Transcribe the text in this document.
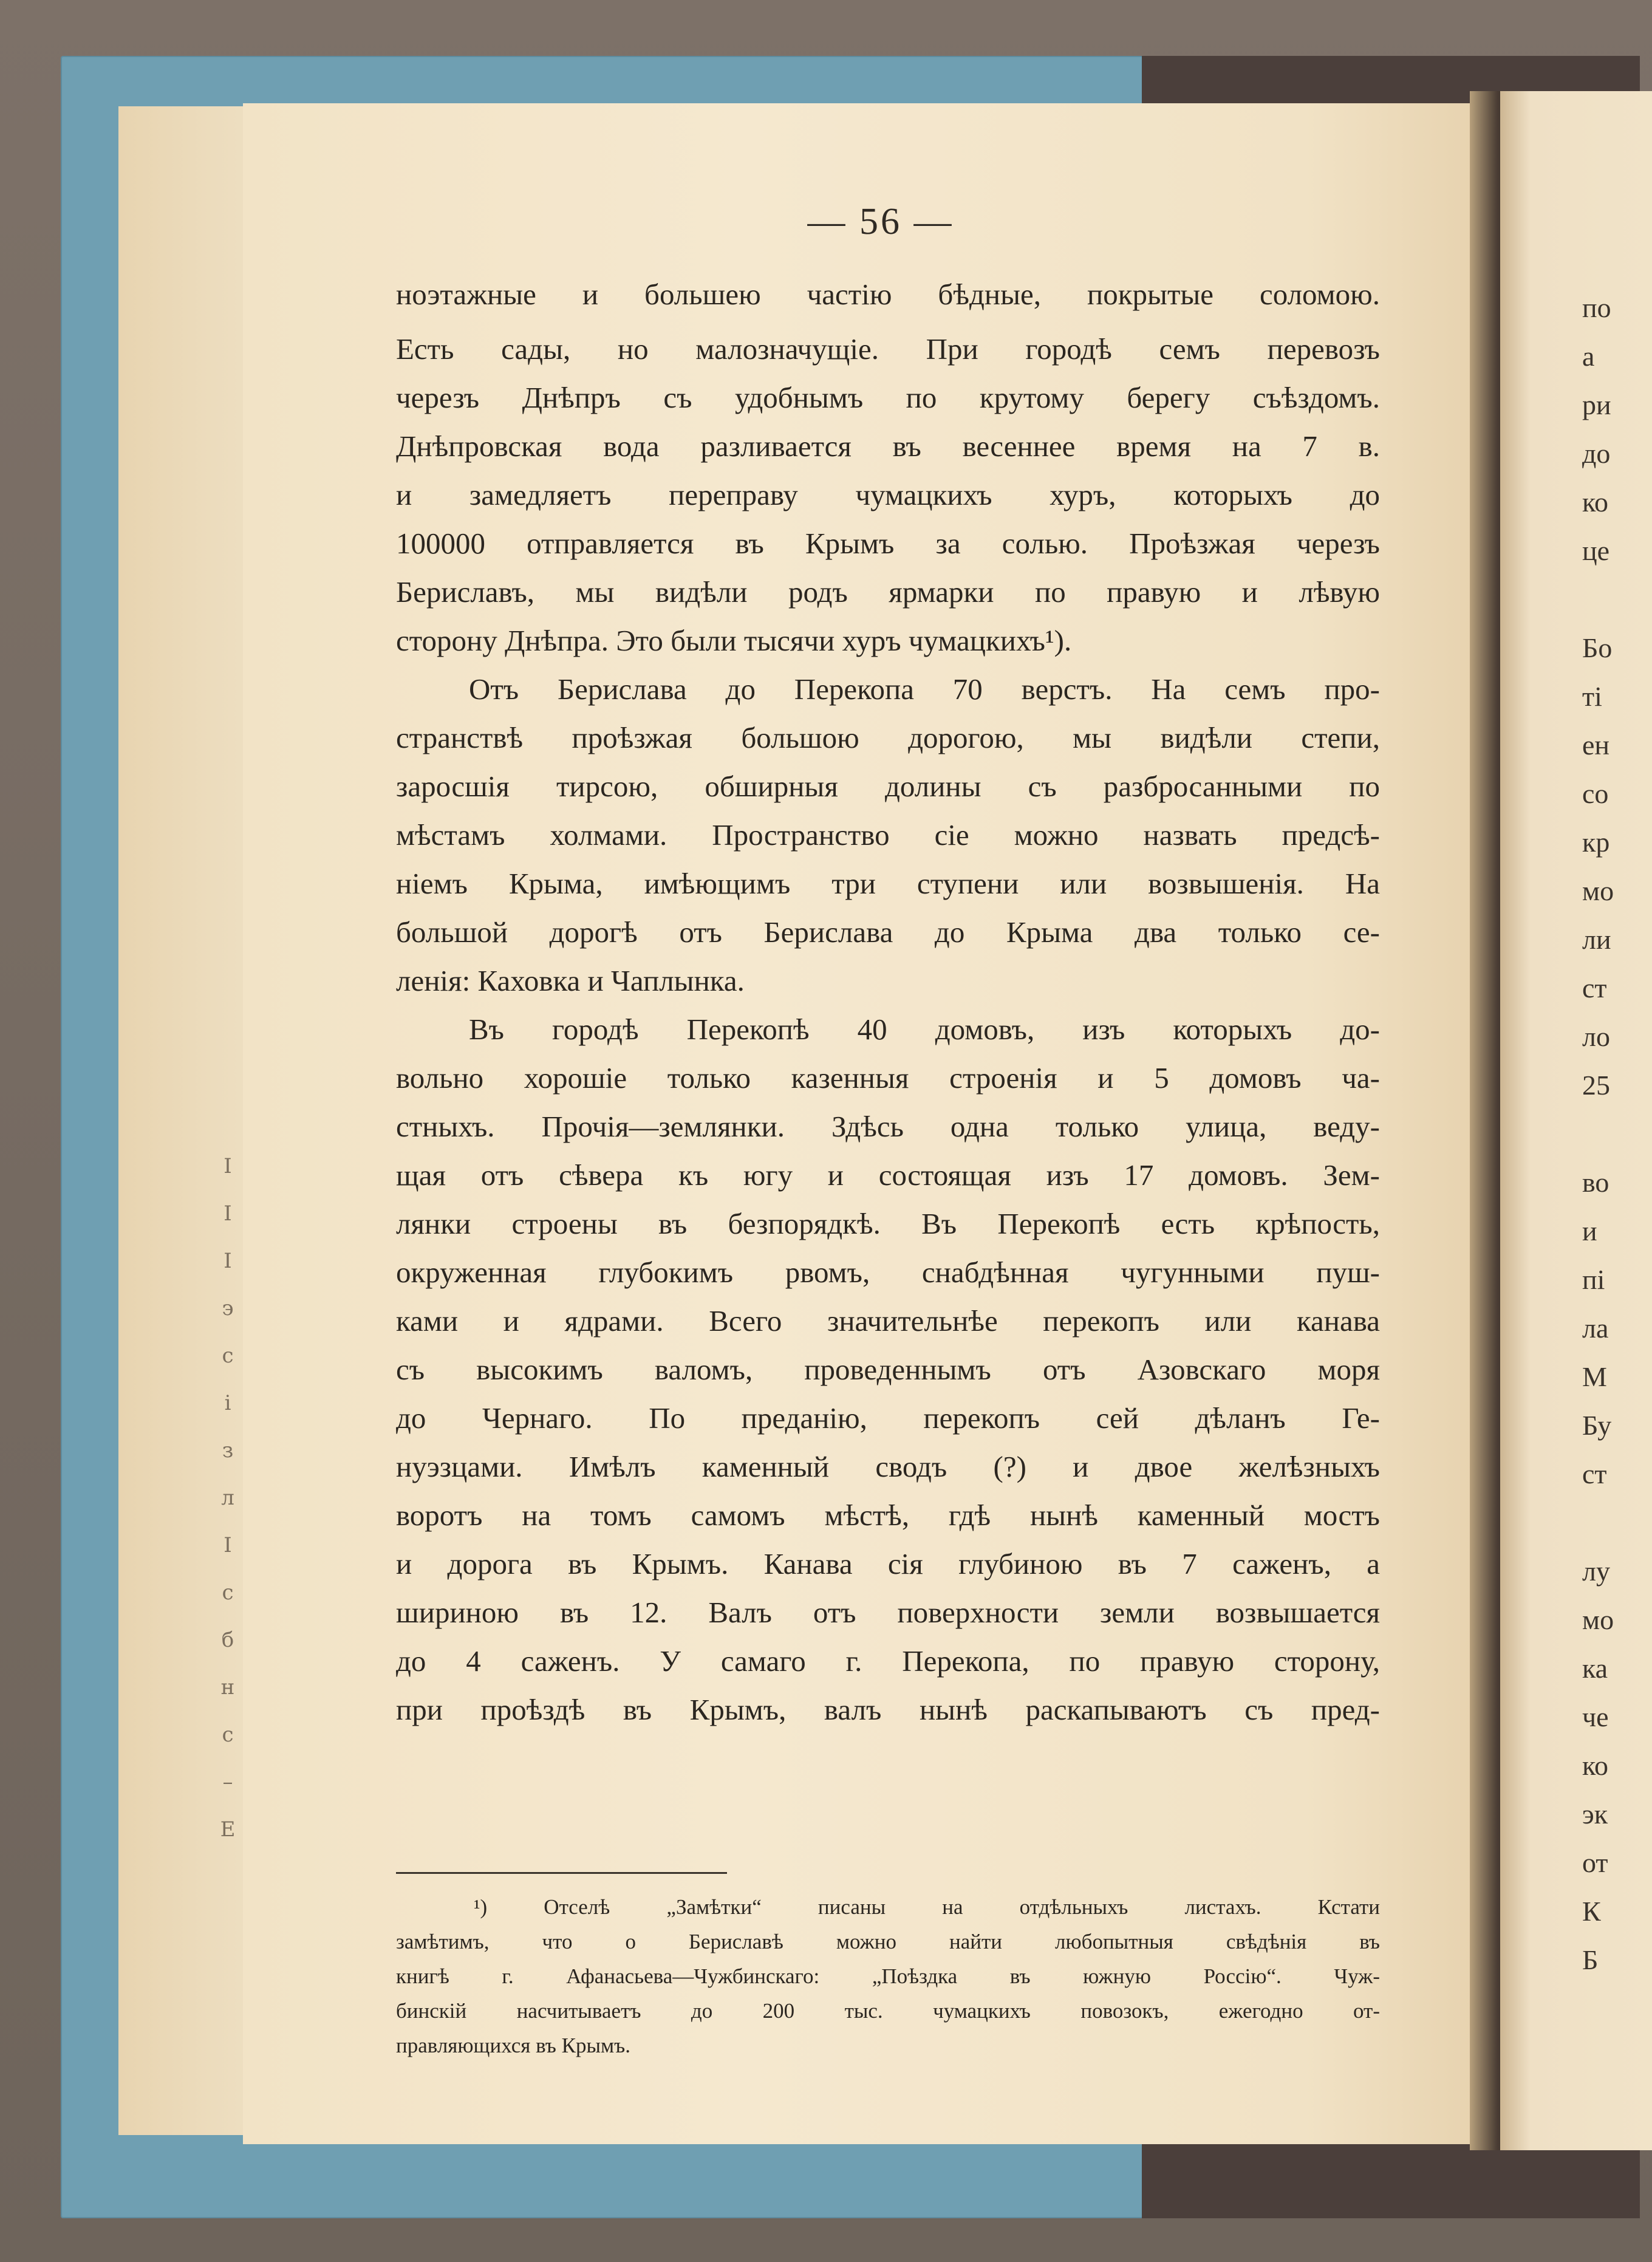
I
I
I
э
с
і
з
л
І
с
б
н
с
–
Е
по
а
ри
до
ко
це
Бо
ті
ен
со
кр
мо
ли
ст
ло
25
во
и
пі
ла
М
Бу
ст
лу
мо
ка
че
ко
эк
от
К
Б
— 56 —
ноэтажные и большею частію бѣдные, покрытые соломою.
Есть сады, но малозначущіе. При городѣ семъ перевозъ
черезъ Днѣпръ съ удобнымъ по крутому берегу съѣздомъ.
Днѣпровская вода разливается въ весеннее время на 7 в.
и замедляетъ переправу чумацкихъ хуръ, которыхъ до
100000 отправляется въ Крымъ за солью. Проѣзжая черезъ
Бериславъ, мы видѣли родъ ярмарки по правую и лѣвую
сторону Днѣпра. Это были тысячи хуръ чумацкихъ¹).
Отъ Берислава до Перекопа 70 верстъ. На семъ про-
странствѣ проѣзжая большою дорогою, мы видѣли степи,
заросшія тирсою, обширныя долины съ разбросанными по
мѣстамъ холмами. Пространство сіе можно назвать предсѣ-
ніемъ Крыма, имѣющимъ три ступени или возвышенія. На
большой дорогѣ отъ Берислава до Крыма два только се-
ленія: Каховка и Чаплынка.
Въ городѣ Перекопѣ 40 домовъ, изъ которыхъ до-
вольно хорошіе только казенныя строенія и 5 домовъ ча-
стныхъ. Прочія—землянки. Здѣсь одна только улица, веду-
щая отъ сѣвера къ югу и состоящая изъ 17 домовъ. Зем-
лянки строены въ безпорядкѣ. Въ Перекопѣ есть крѣпость,
окруженная глубокимъ рвомъ, снабдѣнная чугунными пуш-
ками и ядрами. Всего значительнѣе перекопъ или канава
съ высокимъ валомъ, проведеннымъ отъ Азовскаго моря
до Чернаго. По преданію, перекопъ сей дѣланъ Ге-
нуэзцами. Имѣлъ каменный сводъ (?) и двое желѣзныхъ
воротъ на томъ самомъ мѣстѣ, гдѣ нынѣ каменный мостъ
и дорога въ Крымъ. Канава сія глубиною въ 7 саженъ, а
шириною въ 12. Валъ отъ поверхности земли возвышается
до 4 саженъ. У самаго г. Перекопа, по правую сторону,
при проѣздѣ въ Крымъ, валъ нынѣ раскапываютъ съ пред-
¹) Отселѣ „Замѣтки“ писаны на отдѣльныхъ листахъ. Кстати
замѣтимъ, что о Бериславѣ можно найти любопытныя свѣдѣнія въ
книгѣ г. Афанасьева—Чужбинскаго: „Поѣздка въ южную Россію“. Чуж-
бинскій насчитываетъ до 200 тыс. чумацкихъ повозокъ, ежегодно от-
правляющихся въ Крымъ.
